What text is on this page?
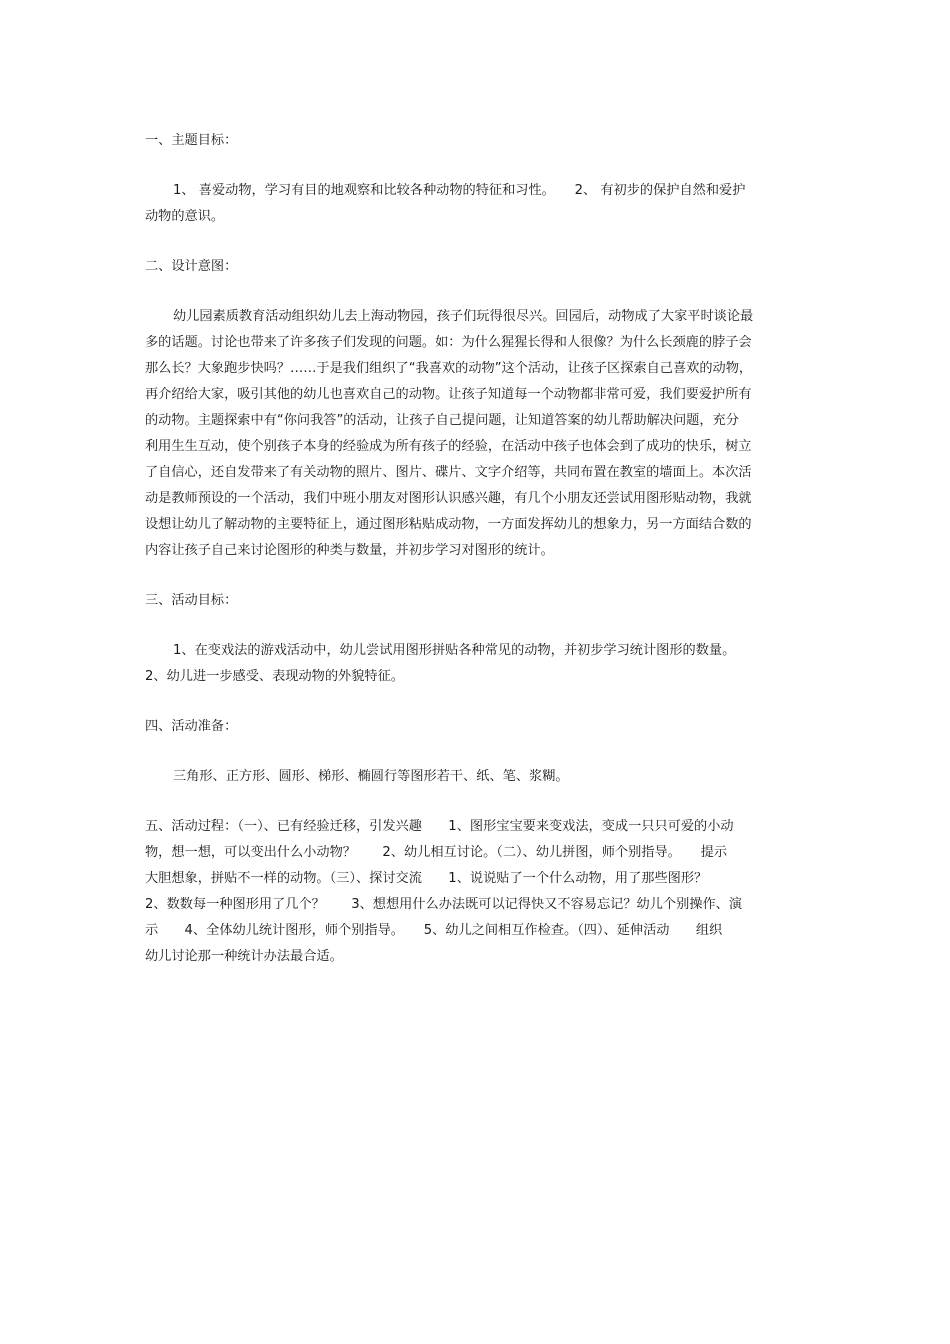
一、主题目标：

1、 喜爱动物，学习有目的地观察和比较各种动物的特征和习性。　　2、 有初步的保护自然和爱护
动物的意识。

二、设计意图：

幼儿园素质教育活动组织幼儿去上海动物园，孩子们玩得很尽兴。回园后，动物成了大家平时谈论最
多的话题。讨论也带来了许多孩子们发现的问题。如：为什么猩猩长得和人很像？为什么长颈鹿的脖子会
那么长？大象跑步快吗？……于是我们组织了“我喜欢的动物”这个活动，让孩子区探索自己喜欢的动物，
再介绍给大家，吸引其他的幼儿也喜欢自己的动物。让孩子知道每一个动物都非常可爱，我们要爱护所有
的动物。主题探索中有“你问我答”的活动，让孩子自己提问题，让知道答案的幼儿帮助解决问题，充分
利用生生互动，使个别孩子本身的经验成为所有孩子的经验，在活动中孩子也体会到了成功的快乐，树立
了自信心，还自发带来了有关动物的照片、图片、碟片、文字介绍等，共同布置在教室的墙面上。本次活
动是教师预设的一个活动，我们中班小朋友对图形认识感兴趣，有几个小朋友还尝试用图形贴动物，我就
设想让幼儿了解动物的主要特征上，通过图形粘贴成动物，一方面发挥幼儿的想象力，另一方面结合数的
内容让孩子自己来讨论图形的种类与数量，并初步学习对图形的统计。

三、活动目标：

1、在变戏法的游戏活动中，幼儿尝试用图形拼贴各种常见的动物，并初步学习统计图形的数量。
2、幼儿进一步感受、表现动物的外貌特征。

四、活动准备：

三角形、正方形、圆形、梯形、椭圆行等图形若干、纸、笔、浆糊。

五、活动过程：（一）、已有经验迁移，引发兴趣　　1、图形宝宝要来变戏法，变成一只只可爱的小动
物，想一想，可以变出什么小动物？　　2、幼儿相互讨论。（二）、幼儿拼图，师个别指导。　　提示
大胆想象，拼贴不一样的动物。（三）、探讨交流　　1、说说贴了一个什么动物，用了那些图形？
2、数数每一种图形用了几个？　　3、想想用什么办法既可以记得快又不容易忘记？幼儿个别操作、演
示　　4、全体幼儿统计图形，师个别指导。　　5、幼儿之间相互作检查。（四）、延伸活动　　组织
幼儿讨论那一种统计办法最合适。
